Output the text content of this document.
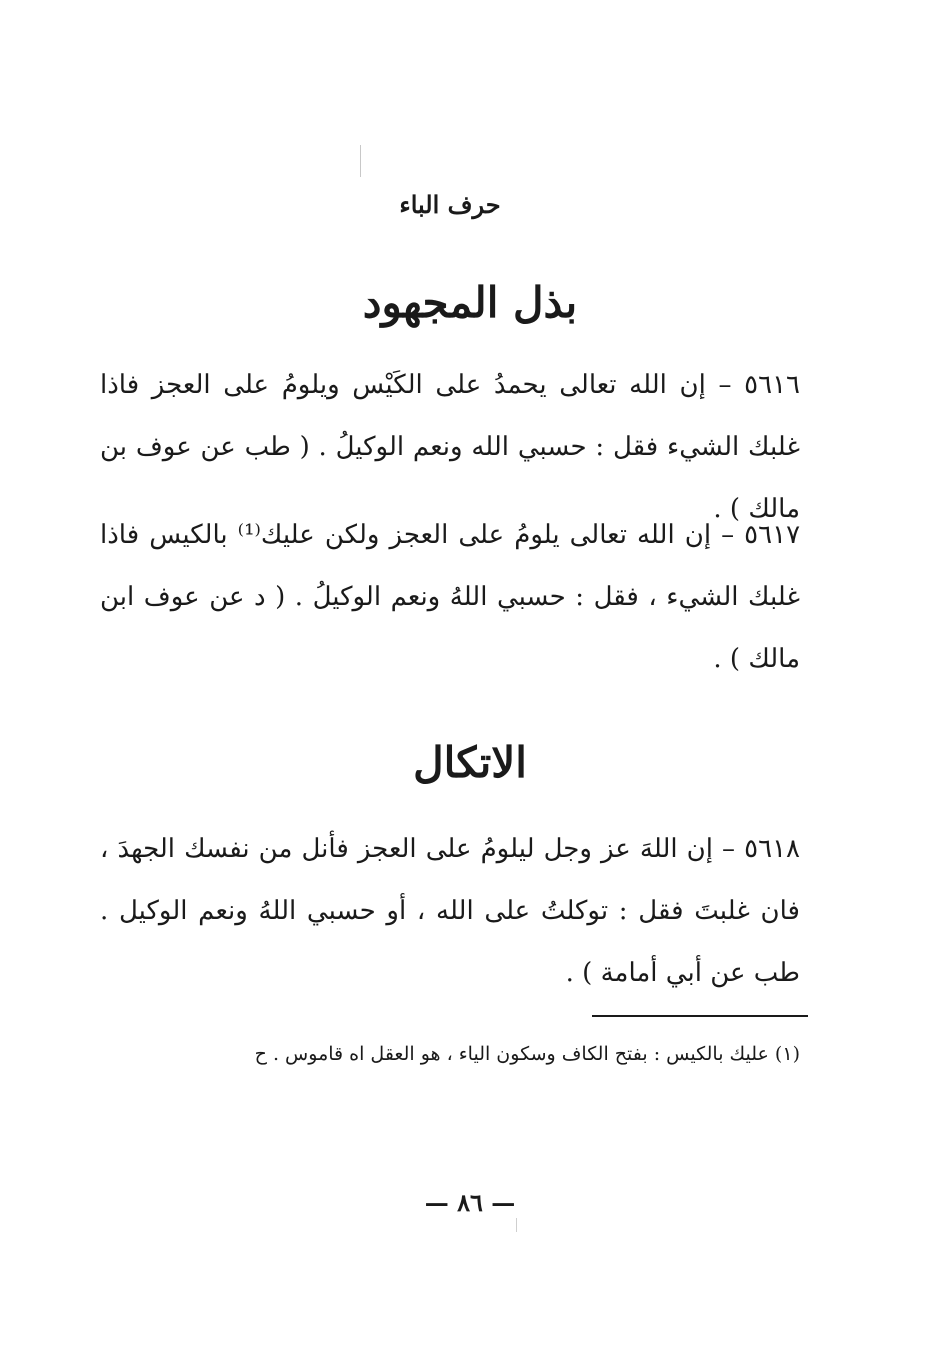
حرف الباء
بذل المجهود
٥٦١٦ – إن الله تعالى يحمدُ على الكَيْس ويلومُ على العجز فاذا غلبك الشيء فقل : حسبي الله ونعم الوكيلُ . ( طب عن عوف بن مالك ) .
٥٦١٧ – إن الله تعالى يلومُ على العجز ولكن عليك⁽¹⁾ بالكيس فاذا غلبك الشيء ، فقل : حسبي اللهُ ونعم الوكيلُ . ( د عن عوف ابن مالك ) .
الاتكال
٥٦١٨ – إن اللهَ عز وجل ليلومُ على العجز فأنل من نفسك الجهدَ ، فان غلبتَ فقل : توكلتُ على الله ، أو حسبي اللهُ ونعم الوكيل . طب عن أبي أمامة ) .
(١) عليك بالكيس : بفتح الكاف وسكون الياء ، هو العقل اه قاموس . ح
— ٨٦ —
